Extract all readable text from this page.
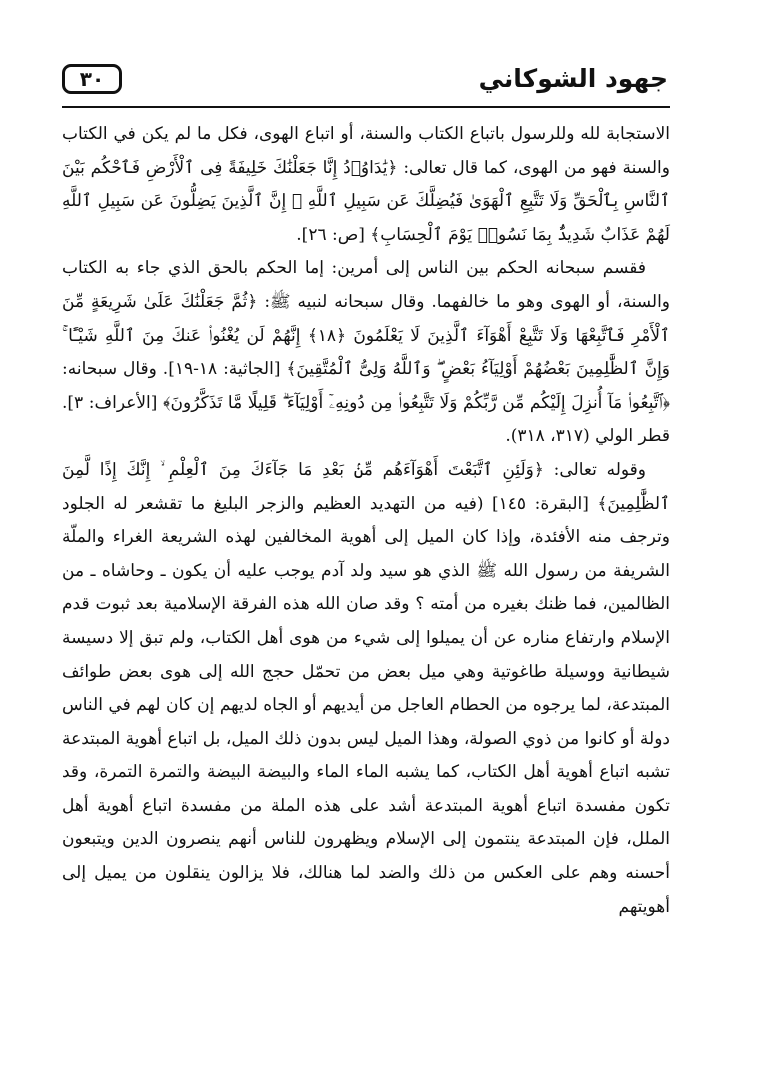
جهود الشوكاني
٣٠

الاستجابة لله وللرسول باتباع الكتاب والسنة، أو اتباع الهوى، فكل ما لم يكن في الكتاب والسنة فهو من الهوى، كما قال تعالى: ﴿يَٰدَاوُۥدُ إِنَّا جَعَلْنَٰكَ خَلِيفَةً فِى ٱلْأَرْضِ فَٱحْكُم بَيْنَ ٱلنَّاسِ بِٱلْحَقِّ وَلَا تَتَّبِعِ ٱلْهَوَىٰ فَيُضِلَّكَ عَن سَبِيلِ ٱللَّهِ ۚ إِنَّ ٱلَّذِينَ يَضِلُّونَ عَن سَبِيلِ ٱللَّهِ لَهُمْ عَذَابٌ شَدِيدٌۢ بِمَا نَسُوا۟ يَوْمَ ٱلْحِسَابِ﴾ [ص: ٢٦].

فقسم سبحانه الحكم بين الناس إلى أمرين: إما الحكم بالحق الذي جاء به الكتاب والسنة، أو الهوى وهو ما خالفهما. وقال سبحانه لنبيه ﷺ: ﴿ثُمَّ جَعَلْنَٰكَ عَلَىٰ شَرِيعَةٍ مِّنَ ٱلْأَمْرِ فَٱتَّبِعْهَا وَلَا تَتَّبِعْ أَهْوَآءَ ٱلَّذِينَ لَا يَعْلَمُونَ ﴿١٨﴾ إِنَّهُمْ لَن يُغْنُوا۟ عَنكَ مِنَ ٱللَّهِ شَيْـًٔا ۚ وَإِنَّ ٱلظَّٰلِمِينَ بَعْضُهُمْ أَوْلِيَآءُ بَعْضٍ ۖ وَٱللَّهُ وَلِىُّ ٱلْمُتَّقِينَ﴾ [الجاثية: ١٨-١٩]. وقال سبحانه: ﴿ٱتَّبِعُوا۟ مَآ أُنزِلَ إِلَيْكُم مِّن رَّبِّكُمْ وَلَا تَتَّبِعُوا۟ مِن دُونِهِۦٓ أَوْلِيَآءَ ۗ قَلِيلًا مَّا تَذَكَّرُونَ﴾ [الأعراف: ٣]. قطر الولي (٣١٧، ٣١٨).

وقوله تعالى: ﴿وَلَئِنِ ٱتَّبَعْتَ أَهْوَآءَهُم مِّنۢ بَعْدِ مَا جَآءَكَ مِنَ ٱلْعِلْمِ ۙ إِنَّكَ إِذًا لَّمِنَ ٱلظَّٰلِمِينَ﴾ [البقرة: ١٤٥] (فيه من التهديد العظيم والزجر البليغ ما تقشعر له الجلود وترجف منه الأفئدة، وإذا كان الميل إلى أهوية المخالفين لهذه الشريعة الغراء والملّة الشريفة من رسول الله ﷺ الذي هو سيد ولد آدم يوجب عليه أن يكون ـ وحاشاه ـ من الظالمين، فما ظنك بغيره من أمته ؟ وقد صان الله هذه الفرقة الإسلامية بعد ثبوت قدم الإسلام وارتفاع مناره عن أن يميلوا إلى شيء من هوى أهل الكتاب، ولم تبق إلا دسيسة شيطانية ووسيلة طاغوتية وهي ميل بعض من تحمّل حجج الله إلى هوى بعض طوائف المبتدعة، لما يرجوه من الحطام العاجل من أيديهم أو الجاه لديهم إن كان لهم في الناس دولة أو كانوا من ذوي الصولة، وهذا الميل ليس بدون ذلك الميل، بل اتباع أهوية المبتدعة تشبه اتباع أهوية أهل الكتاب، كما يشبه الماء الماء والبيضة البيضة والتمرة التمرة، وقد تكون مفسدة اتباع أهوية المبتدعة أشد على هذه الملة من مفسدة اتباع أهوية أهل الملل، فإن المبتدعة ينتمون إلى الإسلام ويظهرون للناس أنهم ينصرون الدين ويتبعون أحسنه وهم على العكس من ذلك والضد لما هنالك، فلا يزالون ينقلون من يميل إلى أهويتهم
